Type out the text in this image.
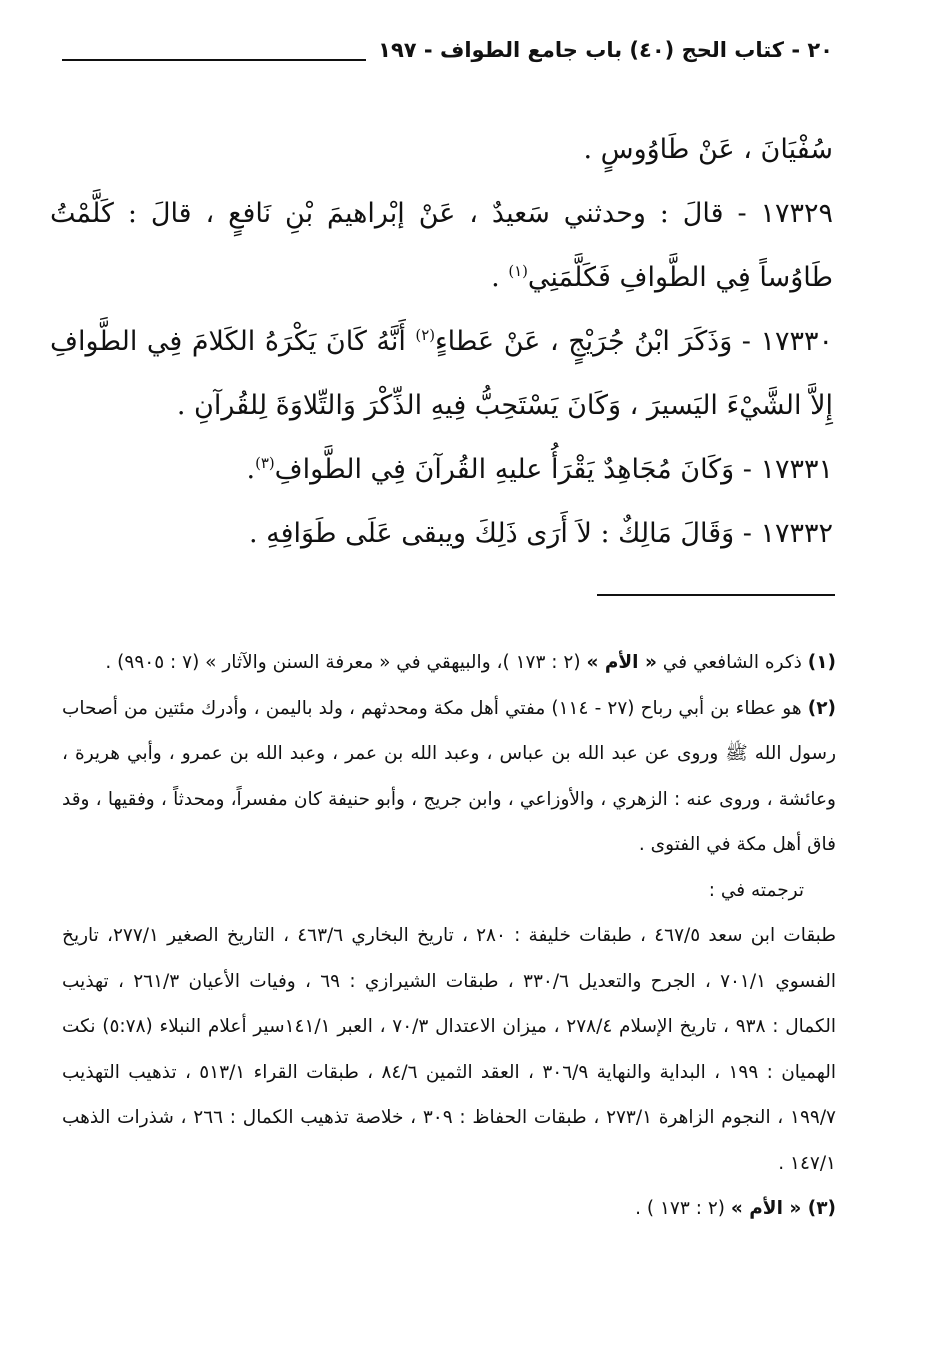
٢٠ - كتاب الحج (٤٠) باب جامع الطواف - ١٩٧

سُفْيَانَ ، عَنْ طَاوُوسٍ .

١٧٣٢٩ - قالَ : وحدثني سَعيدٌ ، عَنْ إبْراهيمَ بْنِ نَافعٍ ، قالَ : كَلَّمْتُ طَاوُساً فِي الطَّوافِ فَكَلَّمَنِي$^{(١)}$ .

١٧٣٣٠ - وَذَكَرَ ابْنُ جُرَيْجٍ ، عَنْ عَطاءٍ$^{(٢)}$ أَنَّهُ كَانَ يَكْرَهُ الكَلامَ فِي الطَّوافِ إِلاَّ الشَّيْءَ اليَسيرَ ، وَكَانَ يَسْتَحِبُّ فِيهِ الذِّكْرَ وَالتِّلاوَةَ لِلقُرآنِ .

١٧٣٣١ - وَكَانَ مُجَاهِدٌ يَقْرَأُ عليهِ القُرآنَ فِي الطَّوافِ$^{(٣)}$.

١٧٣٣٢ - وَقَالَ مَالِكٌ : لاَ أَرَى ذَلِكَ ويبقى عَلَى طَوَافِهِ .

(١) ذكره الشافعي في « الأم » (٢ : ١٧٣ )، والبيهقي في « معرفة السنن والآثار » (٧ : ٩٩٠٥) .

(٢) هو عطاء بن أبي رباح (٢٧ - ١١٤) مفتي أهل مكة ومحدثهم ، ولد باليمن ، وأدرك مئتين من أصحاب رسول الله ﷺ وروى عن عبد الله بن عباس ، وعبد الله بن عمر ، وعبد الله بن عمرو ، وأبي هريرة ، وعائشة ، وروى عنه : الزهري ، والأوزاعي ، وابن جريج ، وأبو حنيفة كان مفسراً، ومحدثاً ، وفقيها ، وقد فاق أهل مكة في الفتوى .

ترجمته في :

طبقات ابن سعد ٤٦٧/٥ ، طبقات خليفة : ٢٨٠ ، تاريخ البخاري ٤٦٣/٦ ، التاريخ الصغير ٢٧٧/١، تاريخ الفسوي ٧٠١/١ ، الجرح والتعديل ٣٣٠/٦ ، طبقات الشيرازي : ٦٩ ، وفيات الأعيان ٢٦١/٣ ، تهذيب الكمال : ٩٣٨ ، تاريخ الإسلام ٢٧٨/٤ ، ميزان الاعتدال ٧٠/٣ ، العبر ١٤١/١سير أعلام النبلاء (٥:٧٨) نكت الهميان : ١٩٩ ، البداية والنهاية ٣٠٦/٩ ، العقد الثمين ٨٤/٦ ، طبقات القراء ٥١٣/١ ، تذهيب التهذيب ١٩٩/٧ ، النجوم الزاهرة ٢٧٣/١ ، طبقات الحفاظ : ٣٠٩ ، خلاصة تذهيب الكمال : ٢٦٦ ، شذرات الذهب ١٤٧/١ .

(٣) « الأم » (٢ : ١٧٣ ) .
